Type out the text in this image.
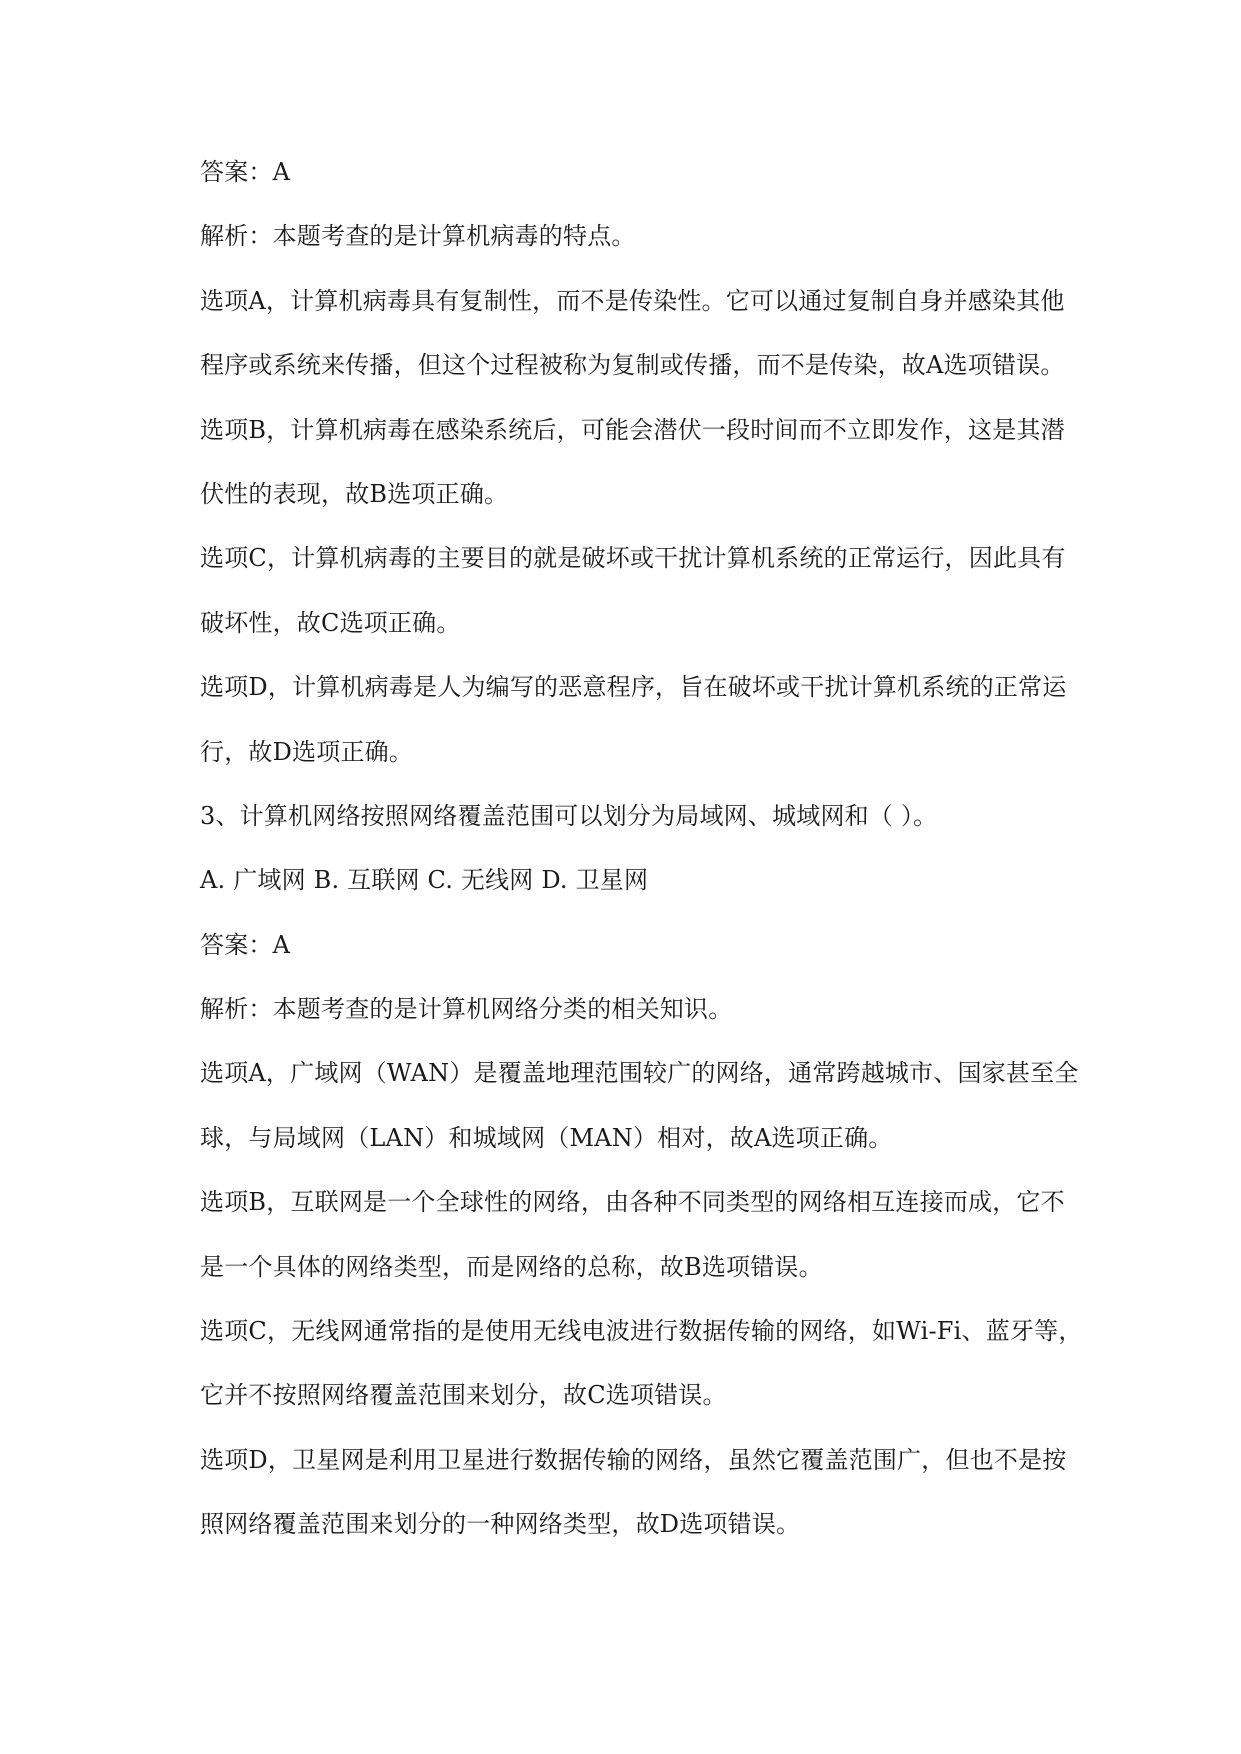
答案：A
解析：本题考查的是计算机病毒的特点。
选项A，计算机病毒具有复制性，而不是传染性。它可以通过复制自身并感染其他
程序或系统来传播，但这个过程被称为复制或传播，而不是传染，故A选项错误。
选项B，计算机病毒在感染系统后，可能会潜伏一段时间而不立即发作，这是其潜
伏性的表现，故B选项正确。
选项C，计算机病毒的主要目的就是破坏或干扰计算机系统的正常运行，因此具有
破坏性，故C选项正确。
选项D，计算机病毒是人为编写的恶意程序，旨在破坏或干扰计算机系统的正常运
行，故D选项正确。
3、计算机网络按照网络覆盖范围可以划分为局域网、城域网和（ ）。
A. 广域网 B. 互联网 C. 无线网 D. 卫星网
答案：A
解析：本题考查的是计算机网络分类的相关知识。
选项A，广域网（WAN）是覆盖地理范围较广的网络，通常跨越城市、国家甚至全
球，与局域网（LAN）和城域网（MAN）相对，故A选项正确。
选项B，互联网是一个全球性的网络，由各种不同类型的网络相互连接而成，它不
是一个具体的网络类型，而是网络的总称，故B选项错误。
选项C，无线网通常指的是使用无线电波进行数据传输的网络，如Wi-Fi、蓝牙等，
它并不按照网络覆盖范围来划分，故C选项错误。
选项D，卫星网是利用卫星进行数据传输的网络，虽然它覆盖范围广，但也不是按
照网络覆盖范围来划分的一种网络类型，故D选项错误。
